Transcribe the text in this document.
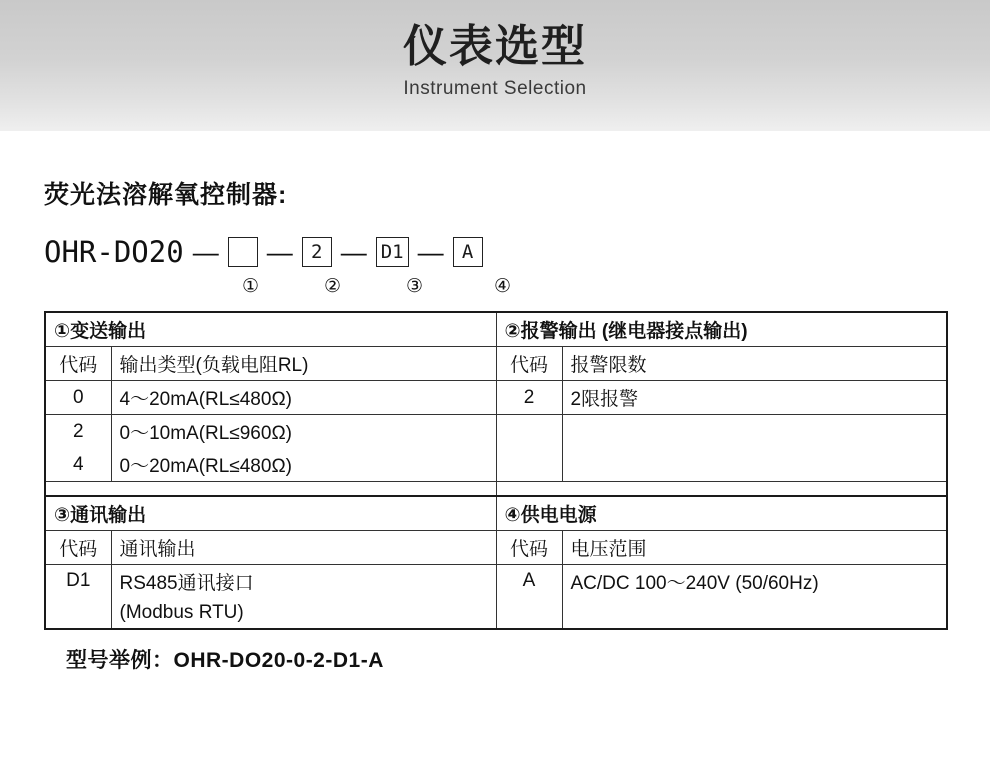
仪表选型
Instrument Selection
荧光法溶解氧控制器:
OHR-DO20 — — 2 — D1 — A
①	②	③	④
①变送输出		②报警输出 (继电器接点输出)	
代码	输出类型(负载电阻RL)	代码	报警限数
0	4～20mA(RL≤480Ω)	2	2限报警
2	0～10mA(RL≤960Ω)		
4	0～20mA(RL≤480Ω)		

③通讯输出		④供电电源	
代码	通讯输出	代码	电压范围
D1	RS485通讯接口	A	AC/DC 100～240V (50/60Hz)
	(Modbus RTU)		
型号举例：OHR-DO20-0-2-D1-A
